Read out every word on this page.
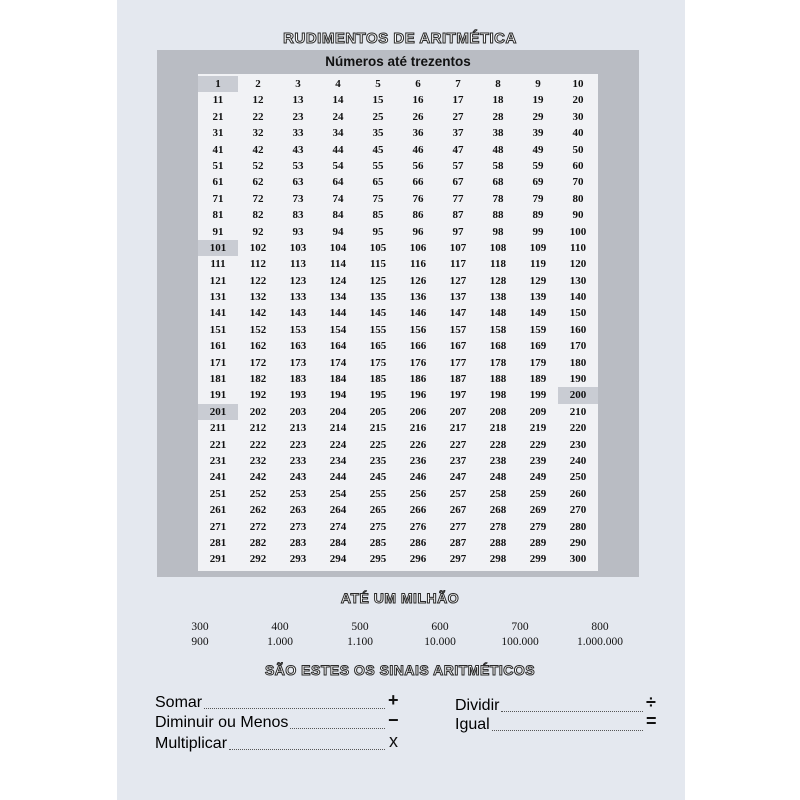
RUDIMENTOS DE ARITMÉTICA
Números até trezentos
1	2	3	4	5	6	7	8	9	10
11	12	13	14	15	16	17	18	19	20
21	22	23	24	25	26	27	28	29	30
31	32	33	34	35	36	37	38	39	40
41	42	43	44	45	46	47	48	49	50
51	52	53	54	55	56	57	58	59	60
61	62	63	64	65	66	67	68	69	70
71	72	73	74	75	76	77	78	79	80
81	82	83	84	85	86	87	88	89	90
91	92	93	94	95	96	97	98	99	100
101	102	103	104	105	106	107	108	109	110
111	112	113	114	115	116	117	118	119	120
121	122	123	124	125	126	127	128	129	130
131	132	133	134	135	136	137	138	139	140
141	142	143	144	145	146	147	148	149	150
151	152	153	154	155	156	157	158	159	160
161	162	163	164	165	166	167	168	169	170
171	172	173	174	175	176	177	178	179	180
181	182	183	184	185	186	187	188	189	190
191	192	193	194	195	196	197	198	199	200
201	202	203	204	205	206	207	208	209	210
211	212	213	214	215	216	217	218	219	220
221	222	223	224	225	226	227	228	229	230
231	232	233	234	235	236	237	238	239	240
241	242	243	244	245	246	247	248	249	250
251	252	253	254	255	256	257	258	259	260
261	262	263	264	265	266	267	268	269	270
271	272	273	274	275	276	277	278	279	280
281	282	283	284	285	286	287	288	289	290
291	292	293	294	295	296	297	298	299	300
ATÉ UM MILHÃO
300	400	500	600	700	800
900	1.000	1.100	10.000	100.000	1.000.000
SÃO ESTES OS SINAIS ARITMÉTICOS
Somar	+
Diminuir ou Menos	−
Multiplicar	x
Dividir	÷
Igual	=
